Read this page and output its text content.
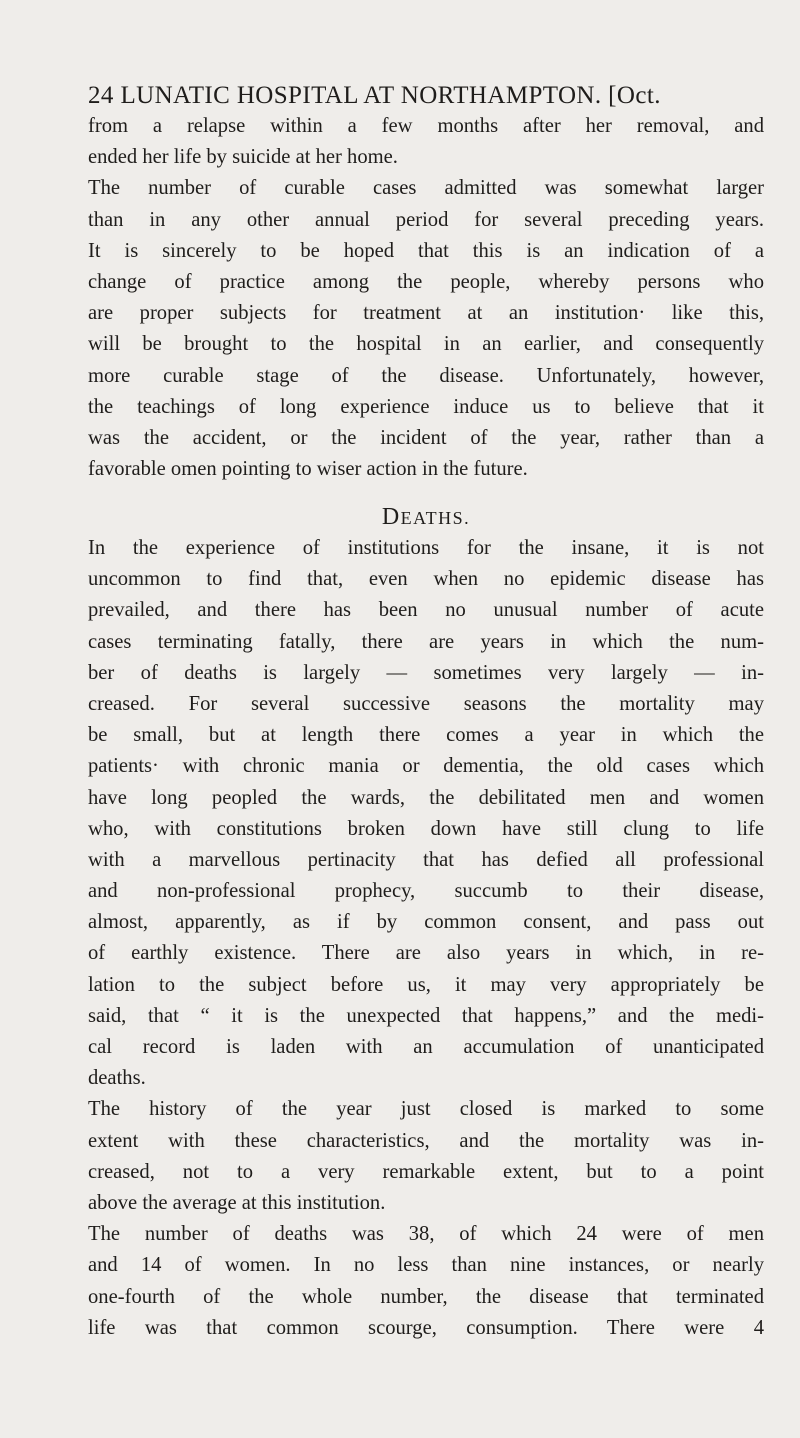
24 LUNATIC HOSPITAL AT NORTHAMPTON. [Oct.
from a relapse within a few months after her removal, and
ended her life by suicide at her home.
The number of curable cases admitted was somewhat larger
than in any other annual period for several preceding years.
It is sincerely to be hoped that this is an indication of a
change of practice among the people, whereby persons who
are proper subjects for treatment at an institution· like this,
will be brought to the hospital in an earlier, and consequently
more curable stage of the disease. Unfortunately, however,
the teachings of long experience induce us to believe that it
was the accident, or the incident of the year, rather than a
favorable omen pointing to wiser action in the future.
DEATHS.
In the experience of institutions for the insane, it is not
uncommon to find that, even when no epidemic disease has
prevailed, and there has been no unusual number of acute
cases terminating fatally, there are years in which the num-
ber of deaths is largely — sometimes very largely — in-
creased. For several successive seasons the mortality may
be small, but at length there comes a year in which the
patients· with chronic mania or dementia, the old cases which
have long peopled the wards, the debilitated men and women
who, with constitutions broken down have still clung to life
with a marvellous pertinacity that has defied all professional
and non-professional prophecy, succumb to their disease,
almost, apparently, as if by common consent, and pass out
of earthly existence. There are also years in which, in re-
lation to the subject before us, it may very appropriately be
said, that “ it is the unexpected that happens,” and the medi-
cal record is laden with an accumulation of unanticipated
deaths.
The history of the year just closed is marked to some
extent with these characteristics, and the mortality was in-
creased, not to a very remarkable extent, but to a point
above the average at this institution.
The number of deaths was 38, of which 24 were of men
and 14 of women. In no less than nine instances, or nearly
one-fourth of the whole number, the disease that terminated
life was that common scourge, consumption. There were 4
